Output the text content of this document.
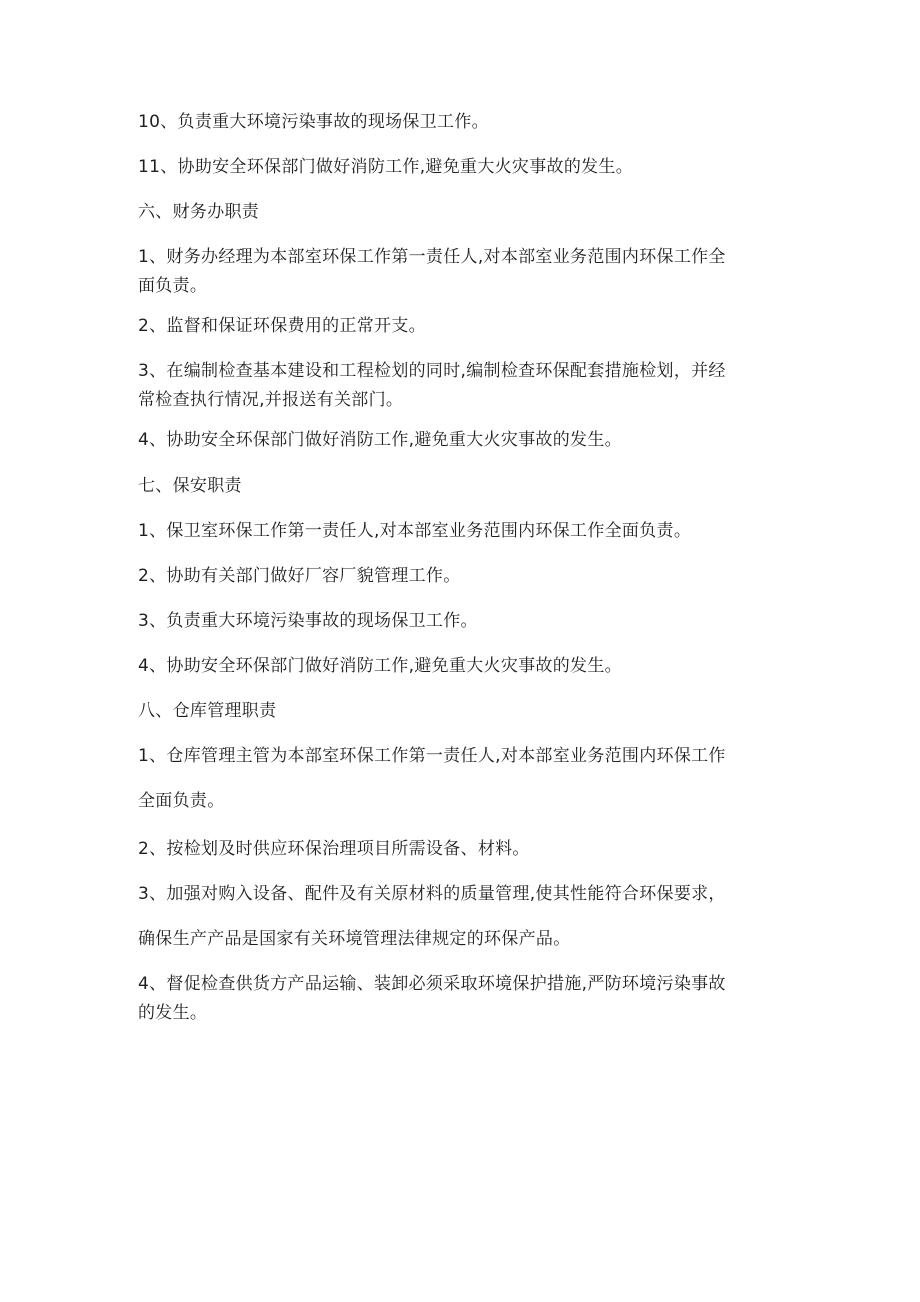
10、负责重大环境污染事故的现场保卫工作。

11、协助安全环保部门做好消防工作,避免重大火灾事故的发生。

六、财务办职责

1、财务办经理为本部室环保工作第一责任人,对本部室业务范围内环保工作全
面负责。

2、监督和保证环保费用的正常开支。

3、在编制检查基本建设和工程检划的同时,编制检查环保配套措施检划，并经
常检查执行情况,并报送有关部门。

4、协助安全环保部门做好消防工作,避免重大火灾事故的发生。

七、保安职责

1、保卫室环保工作第一责任人,对本部室业务范围内环保工作全面负责。

2、协助有关部门做好厂容厂貌管理工作。

3、负责重大环境污染事故的现场保卫工作。

4、协助安全环保部门做好消防工作,避免重大火灾事故的发生。

八、仓库管理职责

1、仓库管理主管为本部室环保工作第一责任人,对本部室业务范围内环保工作

全面负责。

2、按检划及时供应环保治理项目所需设备、材料。

3、加强对购入设备、配件及有关原材料的质量管理,使其性能符合环保要求，

确保生产产品是国家有关环境管理法律规定的环保产品。

4、督促检查供货方产品运输、装卸必须采取环境保护措施,严防环境污染事故
的发生。
